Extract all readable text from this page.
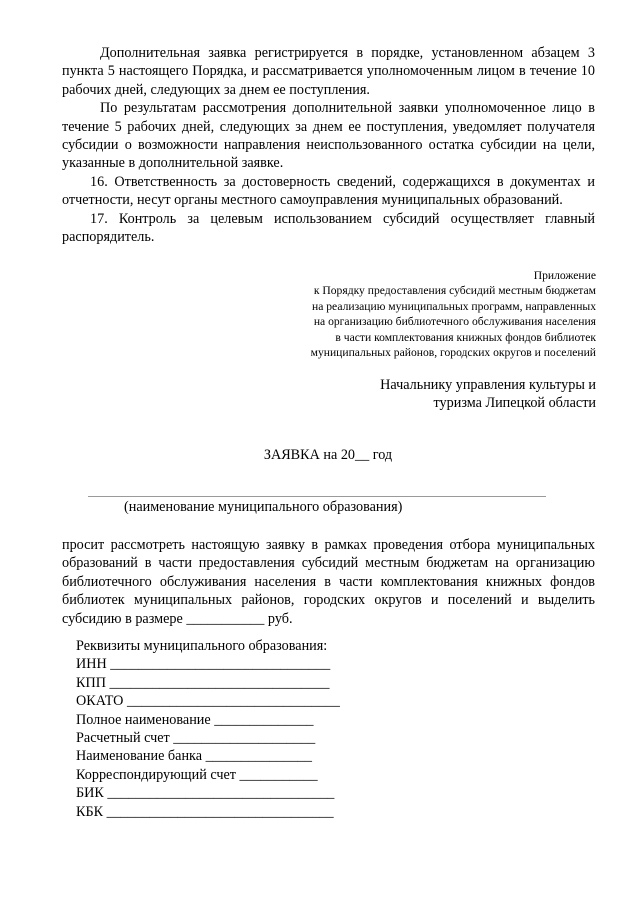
Дополнительная заявка регистрируется в порядке, установленном абзацем 3 пункта 5 настоящего Порядка, и рассматривается уполномоченным лицом в течение 10 рабочих дней, следующих за днем ее поступления.

По результатам рассмотрения дополнительной заявки уполномоченное лицо в течение 5 рабочих дней, следующих за днем ее поступления, уведомляет получателя субсидии о возможности направления неиспользованного остатка субсидии на цели, указанные в дополнительной заявке.

16. Ответственность за достоверность сведений, содержащихся в документах и отчетности, несут органы местного самоуправления муниципальных образований.

17. Контроль за целевым использованием субсидий осуществляет главный распорядитель.

Приложение
к Порядку предоставления субсидий местным бюджетам
на реализацию муниципальных программ, направленных
на организацию библиотечного обслуживания населения
в части комплектования книжных фондов библиотек
муниципальных районов, городских округов и поселений
Начальнику управления культуры и
туризма Липецкой области
ЗАЯВКА на 20__ год
(наименование муниципального образования)

просит рассмотреть настоящую заявку в рамках проведения отбора муниципальных образований в части предоставления субсидий местным бюджетам на организацию библиотечного обслуживания населения в части комплектования книжных фондов библиотек муниципальных районов, городских округов и поселений и выделить субсидию в размере ___________ руб.

Реквизиты муниципального образования:

ИНН _______________________________

КПП _______________________________

ОКАТО ______________________________

Полное наименование ______________

Расчетный счет ____________________

Наименование банка _______________

Корреспондирующий счет ___________

БИК ________________________________

КБК ________________________________
